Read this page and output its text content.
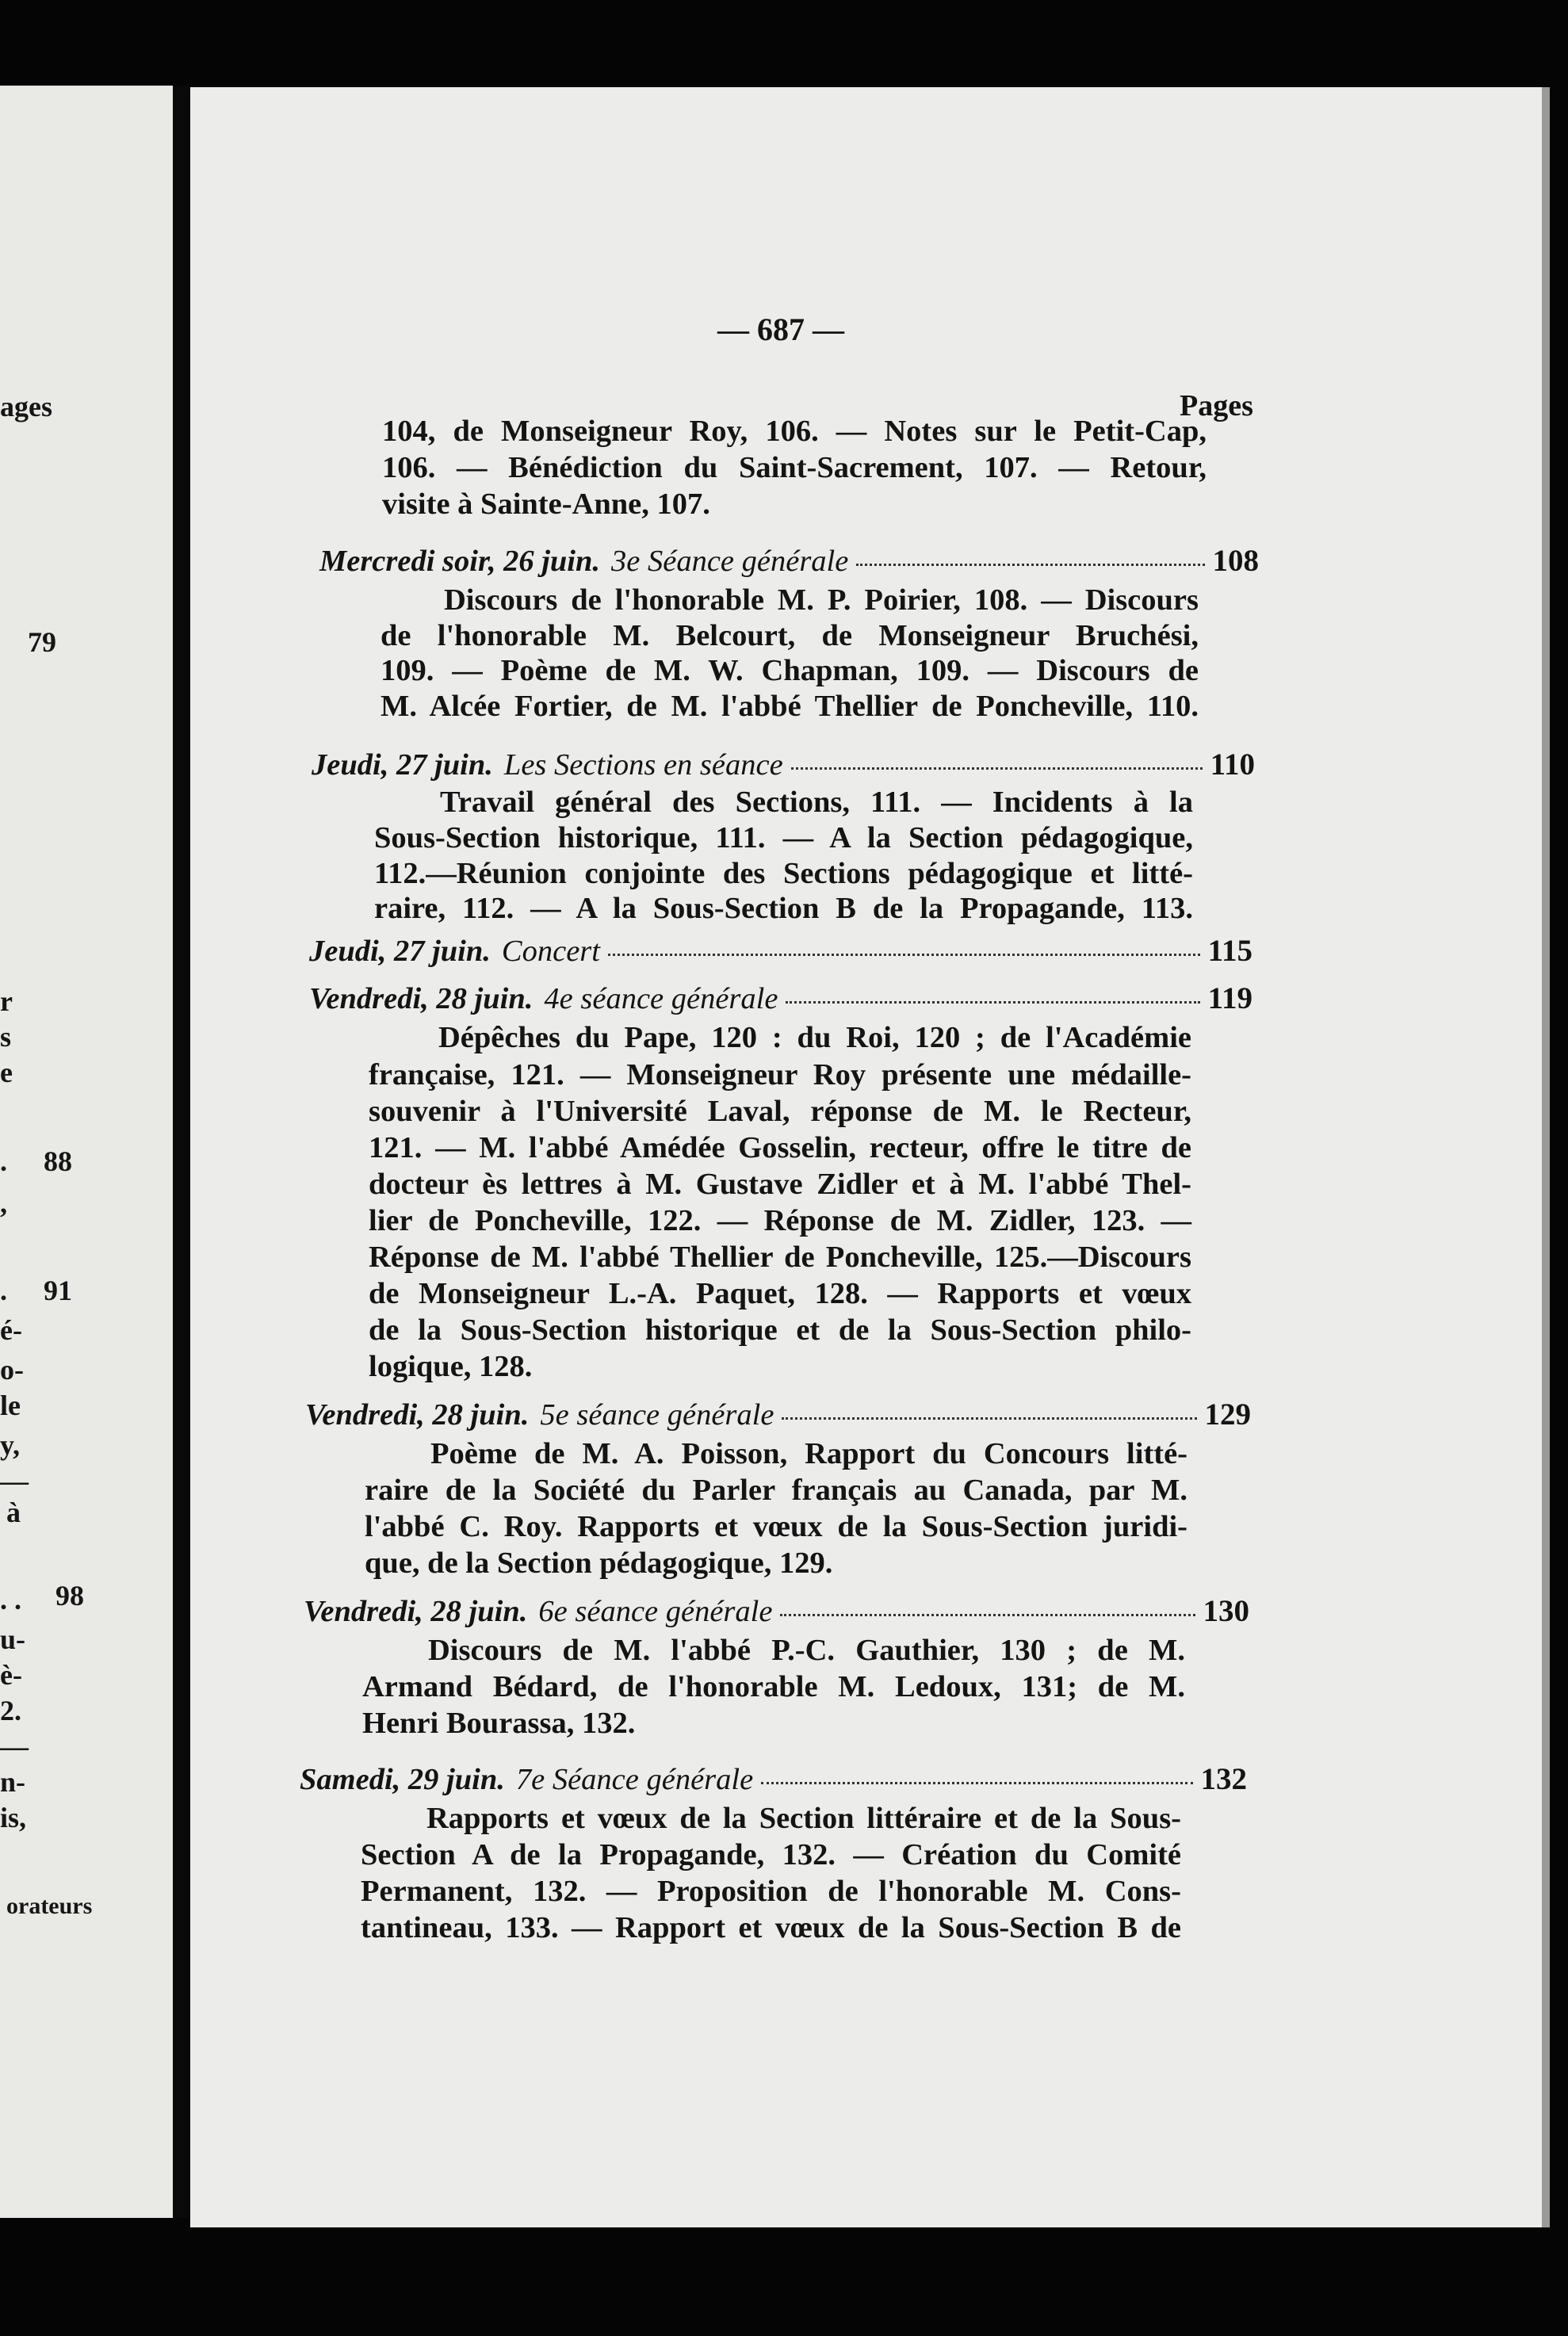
ages
79
88
91
98
r
s
e
.
,
.
é-
o-
le
y,
—
à
. .
u-
è-
2.
—
n-
is,
orateurs
— 687 —
Pages
104, de Monseigneur Roy, 106. — Notes sur le Petit-Cap,
106. — Bénédiction du Saint-Sacrement, 107. — Retour,
visite à Sainte-Anne, 107.
Mercredi soir, 26 juin. 3e Séance générale	108
Discours de l'honorable M. P. Poirier, 108. — Discours
de l'honorable M. Belcourt, de Monseigneur Bruchési,
109. — Poème de M. W. Chapman, 109. — Discours de
M. Alcée Fortier, de M. l'abbé Thellier de Poncheville, 110.
Jeudi, 27 juin. Les Sections en séance	110
Travail général des Sections, 111. — Incidents à la
Sous-Section historique, 111. — A la Section pédagogique,
112.—Réunion conjointe des Sections pédagogique et litté-
raire, 112. — A la Sous-Section B de la Propagande, 113.
Jeudi, 27 juin. Concert	115
Vendredi, 28 juin. 4e séance générale	119
Dépêches du Pape, 120 : du Roi, 120 ; de l'Académie
française, 121. — Monseigneur Roy présente une médaille-
souvenir à l'Université Laval, réponse de M. le Recteur,
121. — M. l'abbé Amédée Gosselin, recteur, offre le titre de
docteur ès lettres à M. Gustave Zidler et à M. l'abbé Thel-
lier de Poncheville, 122. — Réponse de M. Zidler, 123. —
Réponse de M. l'abbé Thellier de Poncheville, 125.—Discours
de Monseigneur L.-A. Paquet, 128. — Rapports et vœux
de la Sous-Section historique et de la Sous-Section philo-
logique, 128.
Vendredi, 28 juin. 5e séance générale	129
Poème de M. A. Poisson, Rapport du Concours litté-
raire de la Société du Parler français au Canada, par M.
l'abbé C. Roy. Rapports et vœux de la Sous-Section juridi-
que, de la Section pédagogique, 129.
Vendredi, 28 juin. 6e séance générale	130
Discours de M. l'abbé P.-C. Gauthier, 130 ; de M.
Armand Bédard, de l'honorable M. Ledoux, 131; de M.
Henri Bourassa, 132.
Samedi, 29 juin. 7e Séance générale	132
Rapports et vœux de la Section littéraire et de la Sous-
Section A de la Propagande, 132. — Création du Comité
Permanent, 132. — Proposition de l'honorable M. Cons-
tantineau, 133. — Rapport et vœux de la Sous-Section B de
